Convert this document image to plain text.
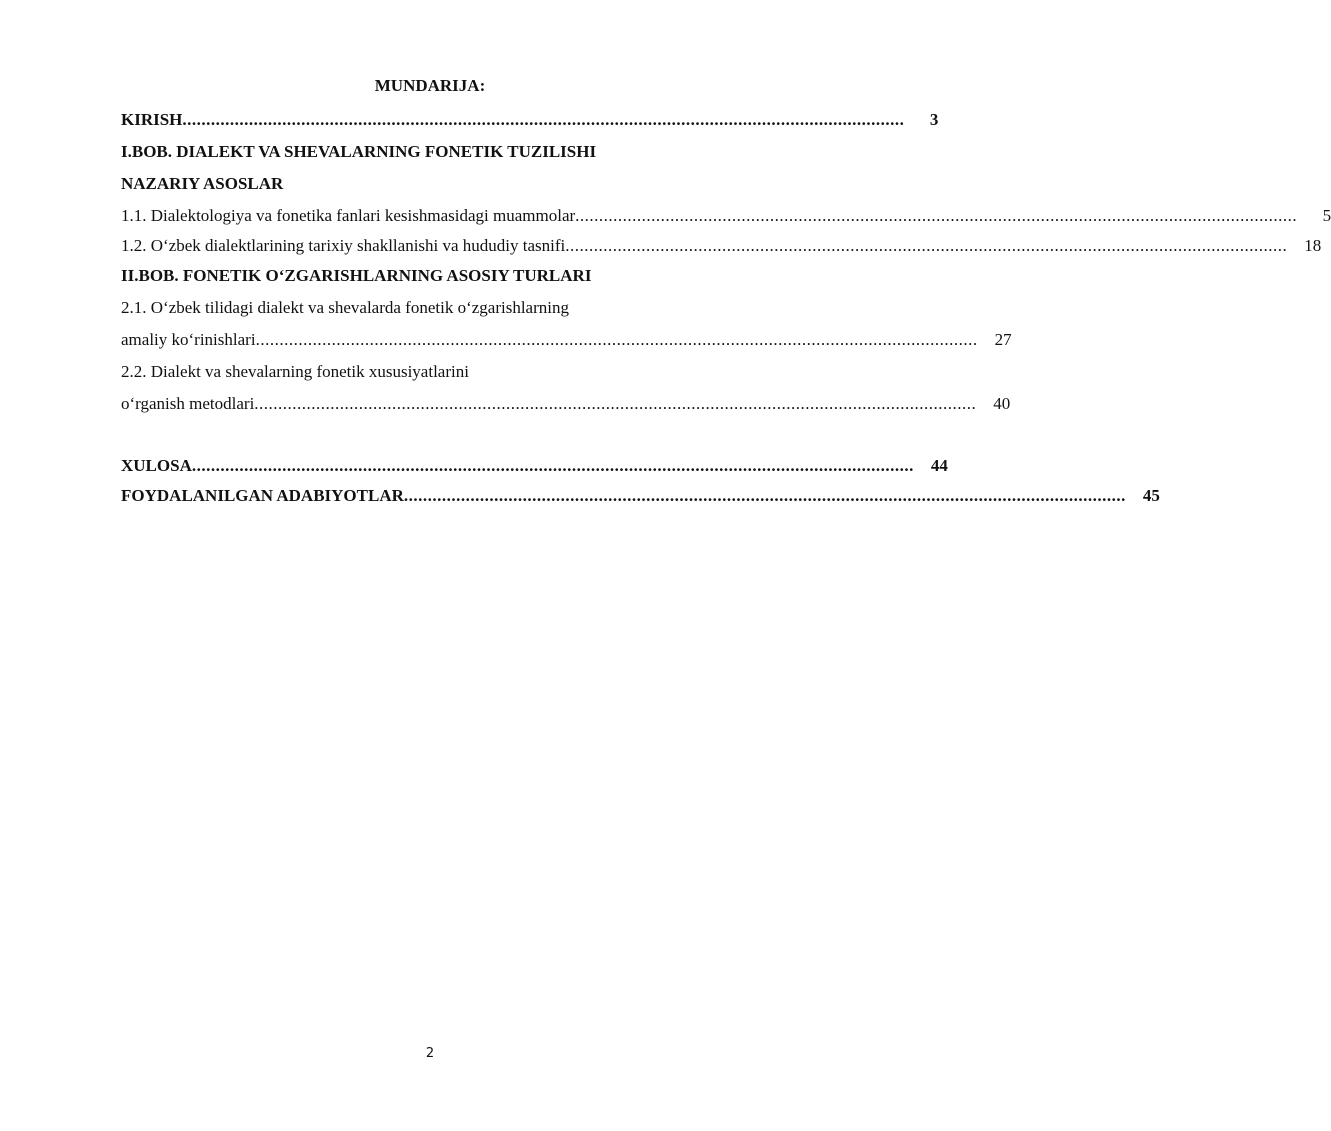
MUNDARIJA:
KIRISH ........................................................................................................................................................	3
I.BOB. DIALEKT VA SHEVALARNING FONETIK TUZILISHI
NAZARIY ASOSLAR
1.1. Dialektologiya va fonetika fanlari kesishmasidagi muammolar ........................................................................................................................................................	5
1.2. O‘zbek dialektlarining tarixiy shakllanishi va hududiy tasnifi ........................................................................................................................................................	18
II.BOB. FONETIK O‘ZGARISHLARNING ASOSIY TURLARI
2.1. O‘zbek tilidagi dialekt va shevalarda fonetik o‘zgarishlarning
amaliy ko‘rinishlari ........................................................................................................................................................	27
2.2. Dialekt va shevalarning fonetik xususiyatlarini
o‘rganish metodlari ........................................................................................................................................................	40
XULOSA ........................................................................................................................................................	44
FOYDALANILGAN ADABIYOTLAR ........................................................................................................................................................	45
2
